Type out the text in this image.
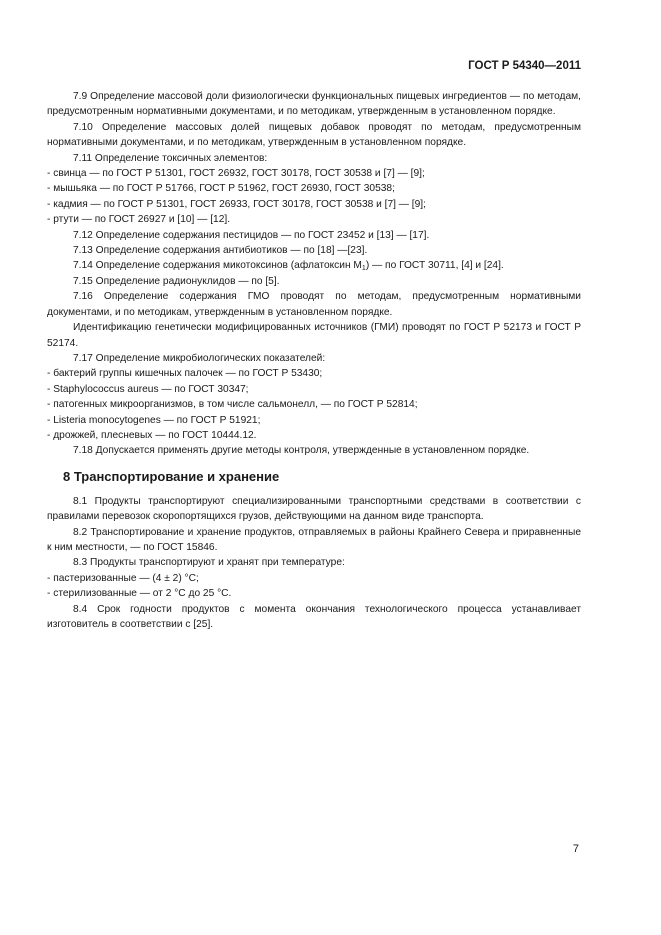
ГОСТ Р 54340—2011

7.9 Определение массовой доли физиологически функциональных пищевых ингредиентов — по методам, предусмотренным нормативными документами, и по методикам, утвержденным в установленном порядке.

7.10 Определение массовых долей пищевых добавок проводят по методам, предусмотренным нормативными документами, и по методикам, утвержденным в установленном порядке.

7.11 Определение токсичных элементов:

- свинца — по ГОСТ Р 51301, ГОСТ 26932, ГОСТ 30178, ГОСТ 30538 и [7] — [9];

- мышьяка — по ГОСТ Р 51766, ГОСТ Р 51962, ГОСТ 26930, ГОСТ 30538;

- кадмия — по ГОСТ Р 51301, ГОСТ 26933, ГОСТ 30178, ГОСТ 30538 и [7] — [9];

- ртути — по ГОСТ 26927 и [10] — [12].

7.12 Определение содержания пестицидов — по ГОСТ 23452 и [13] — [17].

7.13 Определение содержания антибиотиков — по [18] —[23].

7.14 Определение содержания микотоксинов (афлатоксин $М_1$) — по ГОСТ 30711, [4] и [24].

7.15 Определение радионуклидов — по [5].

7.16 Определение содержания ГМО проводят по методам, предусмотренным нормативными документами, и по методикам, утвержденным в установленном порядке.

Идентификацию генетически модифицированных источников (ГМИ) проводят по ГОСТ Р 52173 и ГОСТ Р 52174.

7.17 Определение микробиологических показателей:

- бактерий группы кишечных палочек — по ГОСТ Р 53430;

- Staphylococcus aureus — по ГОСТ 30347;

- патогенных микроорганизмов, в том числе сальмонелл, — по ГОСТ Р 52814;

- Listeria monocytogenes — по ГОСТ Р 51921;

- дрожжей, плесневых — по ГОСТ 10444.12.

7.18 Допускается применять другие методы контроля, утвержденные в установленном порядке.

8 Транспортирование и хранение

8.1 Продукты транспортируют специализированными транспортными средствами в соответствии с правилами перевозок скоропортящихся грузов, действующими на данном виде транспорта.

8.2 Транспортирование и хранение продуктов, отправляемых в районы Крайнего Севера и приравненные к ним местности, — по ГОСТ 15846.

8.3 Продукты транспортируют и хранят при температуре:

- пастеризованные — (4 ± 2) °С;

- стерилизованные — от 2 °С до 25 °С.

8.4 Срок годности продуктов с момента окончания технологического процесса устанавливает изготовитель в соответствии с [25].

7
